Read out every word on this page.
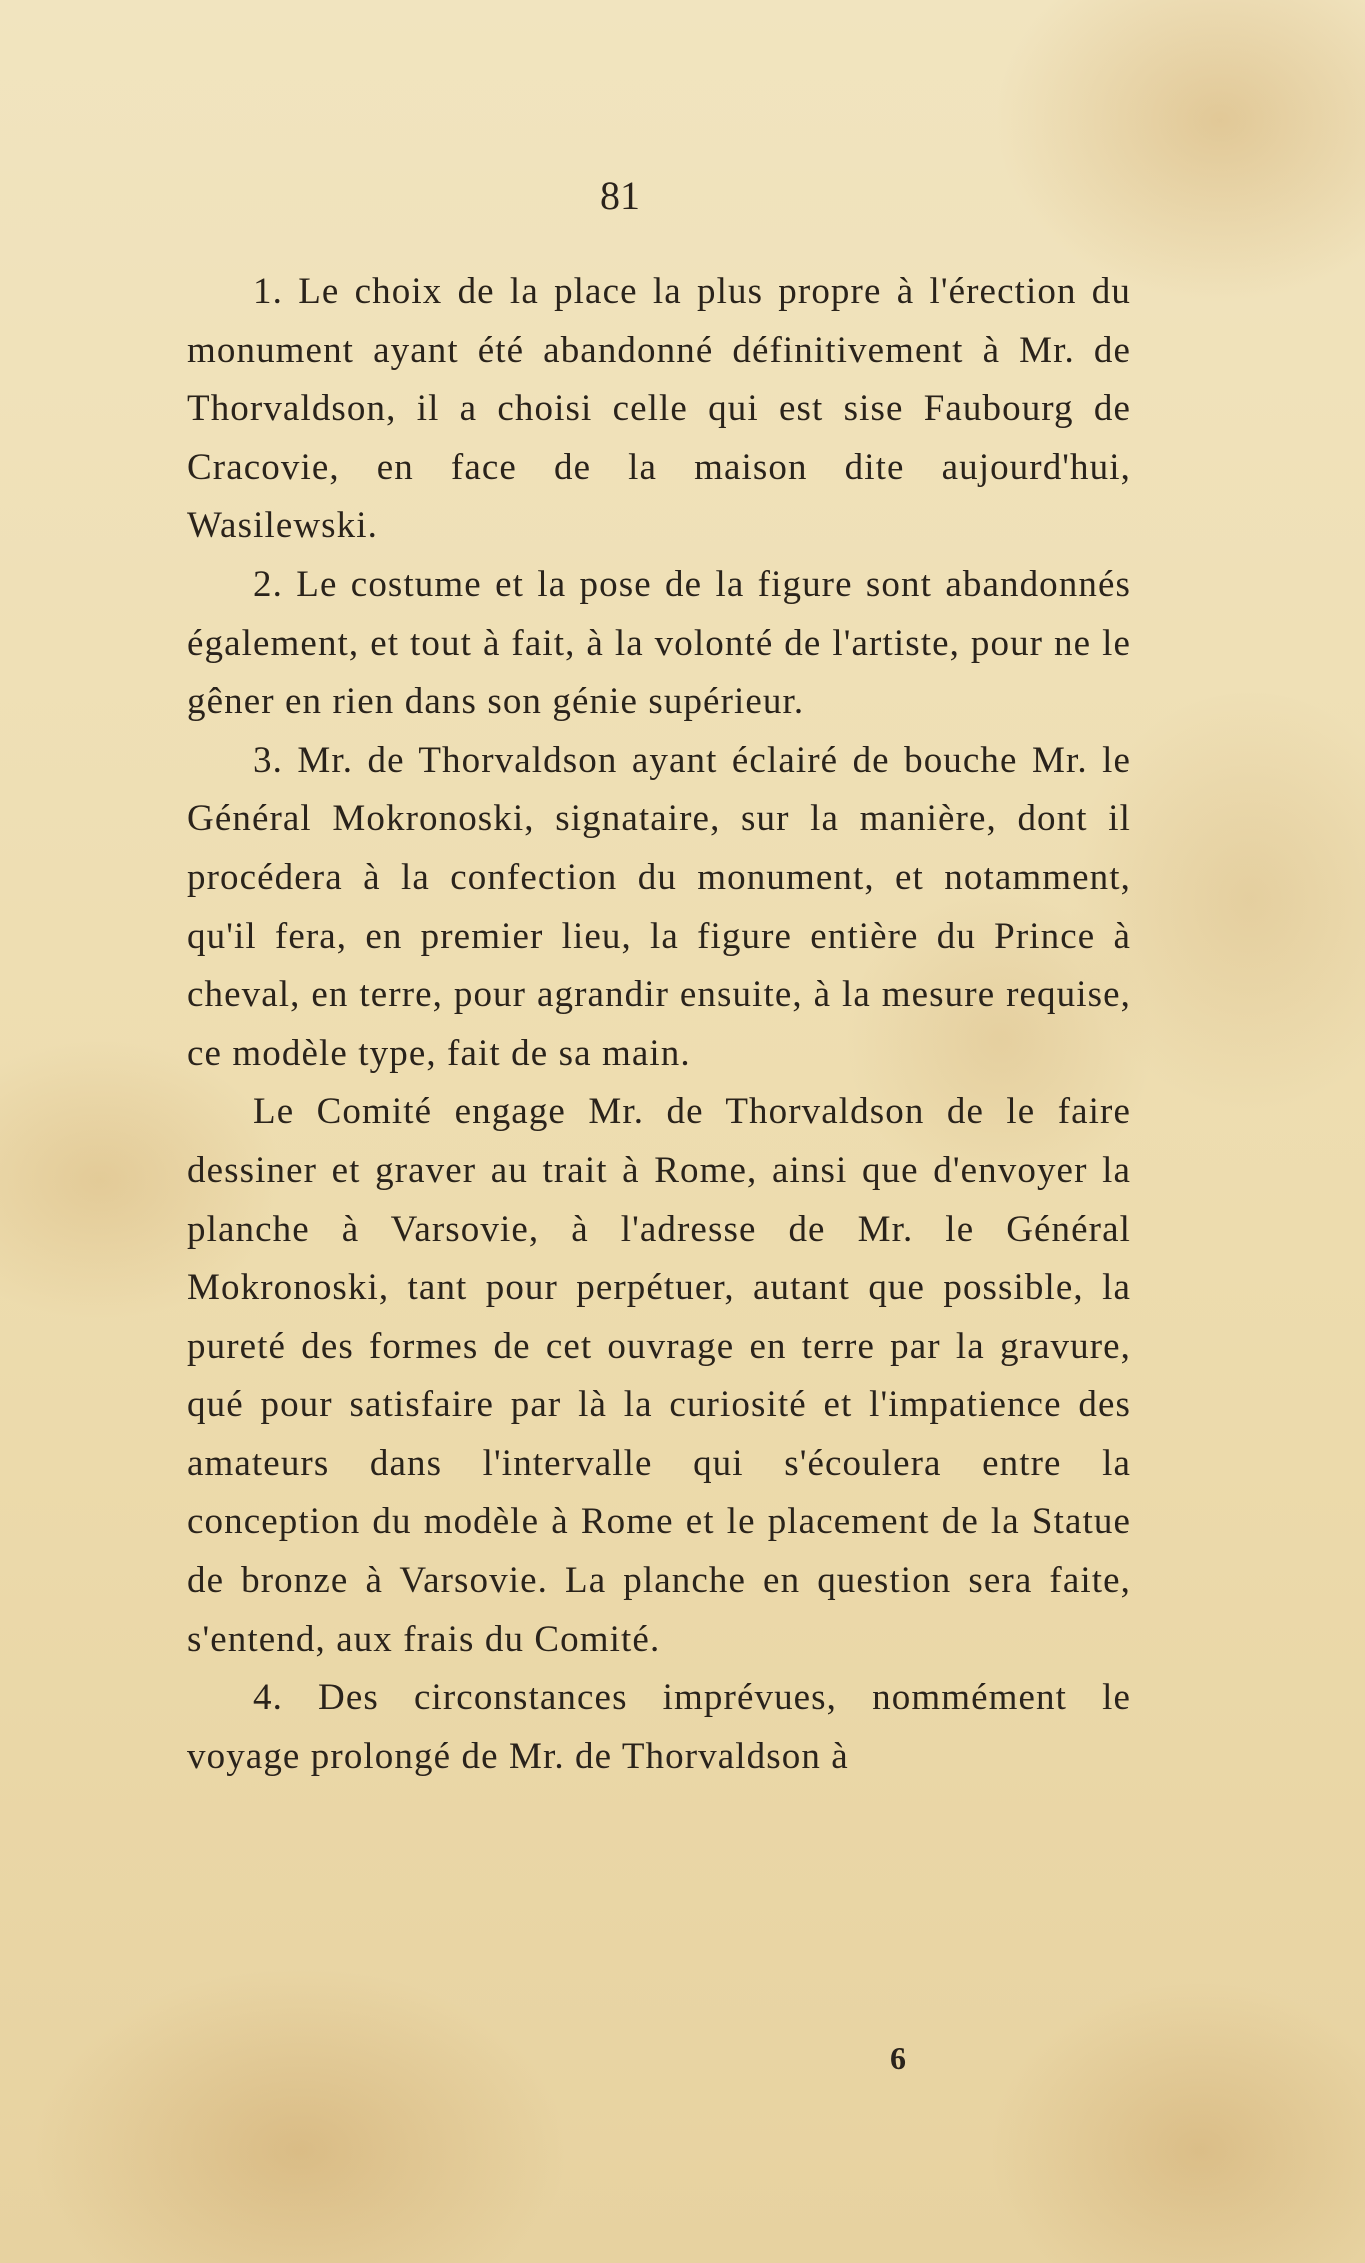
81

1. Le choix de la place la plus propre à l'érection du monument ayant été abandonné définitivement à Mr. de Thorvaldson, il a choisi celle qui est sise Faubourg de Cracovie, en face de la maison dite aujourd'hui, Wasilewski.

2. Le costume et la pose de la figure sont abandonnés également, et tout à fait, à la volonté de l'artiste, pour ne le gêner en rien dans son génie supérieur.

3. Mr. de Thorvaldson ayant éclairé de bouche Mr. le Général Mokronoski, signataire, sur la manière, dont il procédera à la confection du monument, et notamment, qu'il fera, en premier lieu, la figure entière du Prince à cheval, en terre, pour agrandir ensuite, à la mesure requise, ce modèle type, fait de sa main.

Le Comité engage Mr. de Thorvaldson de le faire dessiner et graver au trait à Rome, ainsi que d'envoyer la planche à Varsovie, à l'adresse de Mr. le Général Mokronoski, tant pour perpétuer, autant que possible, la pureté des formes de cet ouvrage en terre par la gravure, qué pour satisfaire par là la curiosité et l'impatience des amateurs dans l'intervalle qui s'écoulera entre la conception du modèle à Rome et le placement de la Statue de bronze à Varsovie. La planche en question sera faite, s'entend, aux frais du Comité.

4. Des circonstances imprévues, nommément le voyage prolongé de Mr. de Thorvaldson à

6
